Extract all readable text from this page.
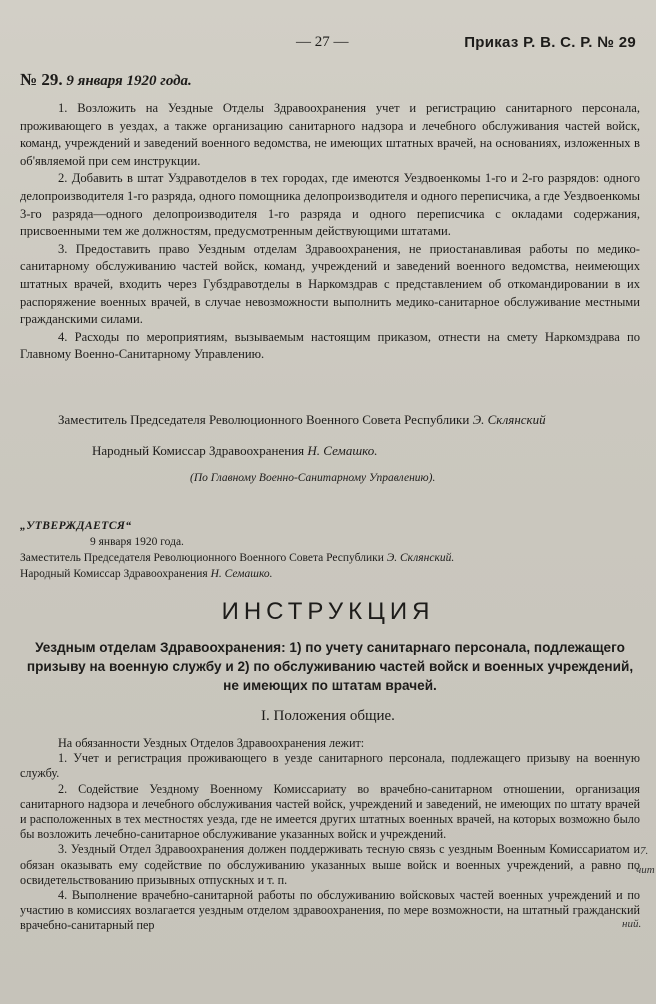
— 27 —	Приказ Р. В. С. Р. № 29
№ 29. 9 января 1920 года.

1. Возложить на Уездные Отделы Здравоохранения учет и регистрацию санитарного персонала, проживающего в уездах, а также организацию санитарного надзора и лечебного обслуживания частей войск, команд, учреждений и заведений военного ведомства, не имеющих штатных врачей, на основаниях, изложенных в об'являемой при сем инструкции.

2. Добавить в штат Уздравотделов в тех городах, где имеются Уездвоенкомы 1-го и 2-го разрядов: одного делопроизводителя 1-го разряда, одного помощника делопроизводителя и одного переписчика, а где Уездвоенкомы 3-го разряда—одного делопроизводителя 1-го разряда и одного переписчика с окладами содержания, присвоенными тем же должностям, предусмотренным действующими штатами.

3. Предоставить право Уездным отделам Здравоохранения, не приостанавливая работы по медико-санитарному обслуживанию частей войск, команд, учреждений и заведений военного ведомства, неимеющих штатных врачей, входить через Губздравотделы в Наркомздрав с представлением об откомандировании в их распоряжение военных врачей, в случае невозможности выполнить медико-санитарное обслуживание местными гражданскими силами.

4. Расходы по мероприятиям, вызываемым настоящим приказом, отнести на смету Наркомздрава по Главному Военно-Санитарному Управлению.

Заместитель Председателя Революционного Военного Совета Республики Э. Склянский
Народный Комиссар Здравоохранения Н. Семашко.
(По Главному Военно-Санитарному Управлению).
„УТВЕРЖДАЕТСЯ“
9 января 1920 года.
Заместитель Председателя Революционного Военного Совета Республики Э. Склянский.
Народный Комиссар Здравоохранения Н. Семашко.
ИНСТРУКЦИЯ
Уездным отделам Здравоохранения: 1) по учету санитарнаго персонала, подлежащего призыву на военную службу и 2) по обслуживанию частей войск и военных учреждений, не имеющих по штатам врачей.
I. Положения общие.

На обязанности Уездных Отделов Здравоохранения лежит:

1. Учет и регистрация проживающего в уезде санитарного персонала, подлежащего призыву на военную службу.

2. Содействие Уездному Военному Комиссариату во врачебно-санитарном отношении, организация санитарного надзора и лечебного обслуживания частей войск, учреждений и заведений, не имеющих по штату врачей и расположенных в тех местностях уезда, где не имеется других штатных военных врачей, на которых возможно было бы возложить лечебно-санитарное обслуживание указанных войск и учреждений.

3. Уездный Отдел Здравоохранения должен поддерживать тесную связь с уездным Военным Комиссариатом и обязан оказывать ему содействие по обслуживанию указанных выше войск и военных учреждений, а равно по освидетельствованию призывных отпускных и т. п.

4. Выполнение врачебно-санитарной работы по обслуживанию войсковых частей военных учреждений и по участию в комиссиях возлагается уездным отделом здравоохранения, по мере возможности, на штатный гражданский врачебно-санитарный пер

7.
чит
ний.
